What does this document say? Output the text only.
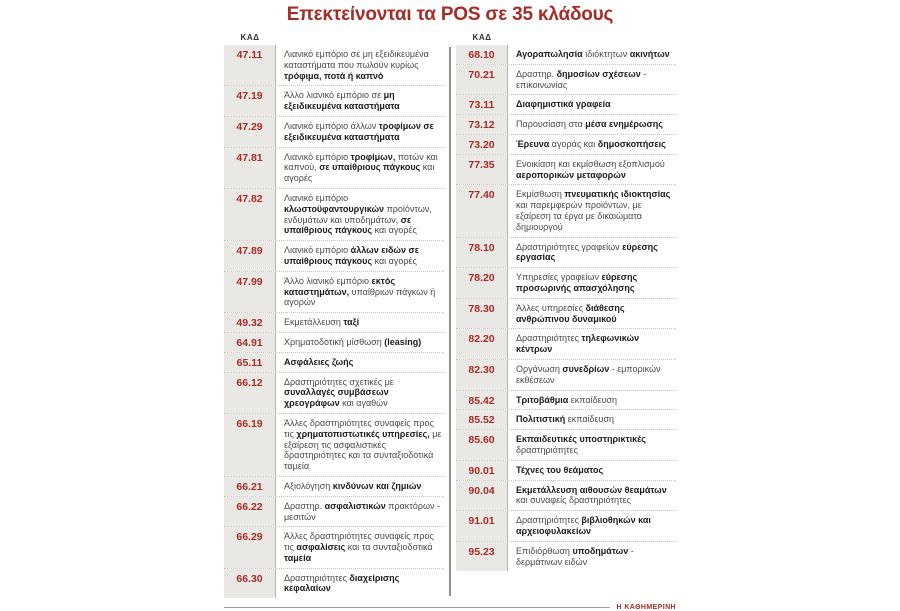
Επεκτείνονται τα POS σε 35 κλάδους
ΚΑΔ
47.11	Λιανικό εμπόριο σε μη εξειδικευμένα καταστήματα που πωλούν κυρίως τρόφιμα, ποτά ή καπνό
47.19	Άλλο λιανικό εμπόριο σε μη εξειδικευμένα καταστήματα
47.29	Λιανικό εμπόριο άλλων τροφίμων σε εξειδικευμένα καταστήματα
47.81	Λιανικό εμπόριο τροφίμων, ποτών και καπνού, σε υπαίθριους πάγκους και αγορές
47.82	Λιανικό εμπόριο κλωστοϋφαντουργικών προϊόντων, ενδυμάτων και υποδημάτων, σε υπαίθριους πάγκους και αγορές
47.89	Λιανικό εμπόριο άλλων ειδών σε υπαίθριους πάγκους και αγορές
47.99	Άλλο λιανικό εμπόριο εκτός καταστημάτων, υπαίθριων πάγκων ή αγορών
49.32	Εκμετάλλευση ταξί
64.91	Χρηματοδοτική μίσθωση (leasing)
65.11	Ασφάλειες ζωής
66.12	Δραστηριότητες σχετικές με συναλλαγές συμβάσεων χρεογράφων και αγαθών
66.19	Άλλες δραστηριότητες συναφείς προς τις χρηματοπιστωτικές υπηρεσίες, με εξαίρεση τις ασφαλιστικές δραστηριότητες και τα συνταξιοδοτικά ταμεία
66.21	Αξιολόγηση κινδύνων και ζημιών
66.22	Δραστηρ. ασφαλιστικών πρακτόρων - μεσιτών
66.29	Άλλες δραστηριότητες συναφείς προς τις ασφαλίσεις και τα συνταξιοδοτικά ταμεία
66.30	Δραστηριότητες διαχείρισης κεφαλαίων
ΚΑΔ
68.10	Αγοραπωλησία ιδιόκτητων ακινήτων
70.21	Δραστηρ. δημοσίων σχέσεων - επικοινωνίας
73.11	Διαφημιστικά γραφεία
73.12	Παρουσίαση στα μέσα ενημέρωσης
73.20	Έρευνα αγοράς και δημοσκοπήσεις
77.35	Ενοικίαση και εκμίσθωση εξοπλισμού αεροπορικών μεταφορών
77.40	Εκμίσθωση πνευματικής ιδιοκτησίας και παρεμφερών προϊόντων, με εξαίρεση τα έργα με δικαιώματα δημιουργού
78.10	Δραστηριότητες γραφείων εύρεσης εργασίας
78.20	Υπηρεσίες γραφείων εύρεσης προσωρινής απασχόλησης
78.30	Άλλες υπηρεσίες διάθεσης ανθρώπινου δυναμικού
82.20	Δραστηριότητες τηλεφωνικών κέντρων
82.30	Οργάνωση συνεδρίων - εμπορικών εκθέσεων
85.42	Τριτοβάθμια εκπαίδευση
85.52	Πολιτιστική εκπαίδευση
85.60	Εκπαιδευτικές υποστηρικτικές δραστηριότητες
90.01	Τέχνες του θεάματος
90.04	Εκμετάλλευση αιθουσών θεαμάτων και συναφείς δραστηριότητες
91.01	Δραστηριότητες βιβλιοθηκών και αρχειοφυλακείων
95.23	Επιδιόρθωση υποδημάτων - δερμάτινων ειδών
Η ΚΑΘΗΜΕΡΙΝΗ
